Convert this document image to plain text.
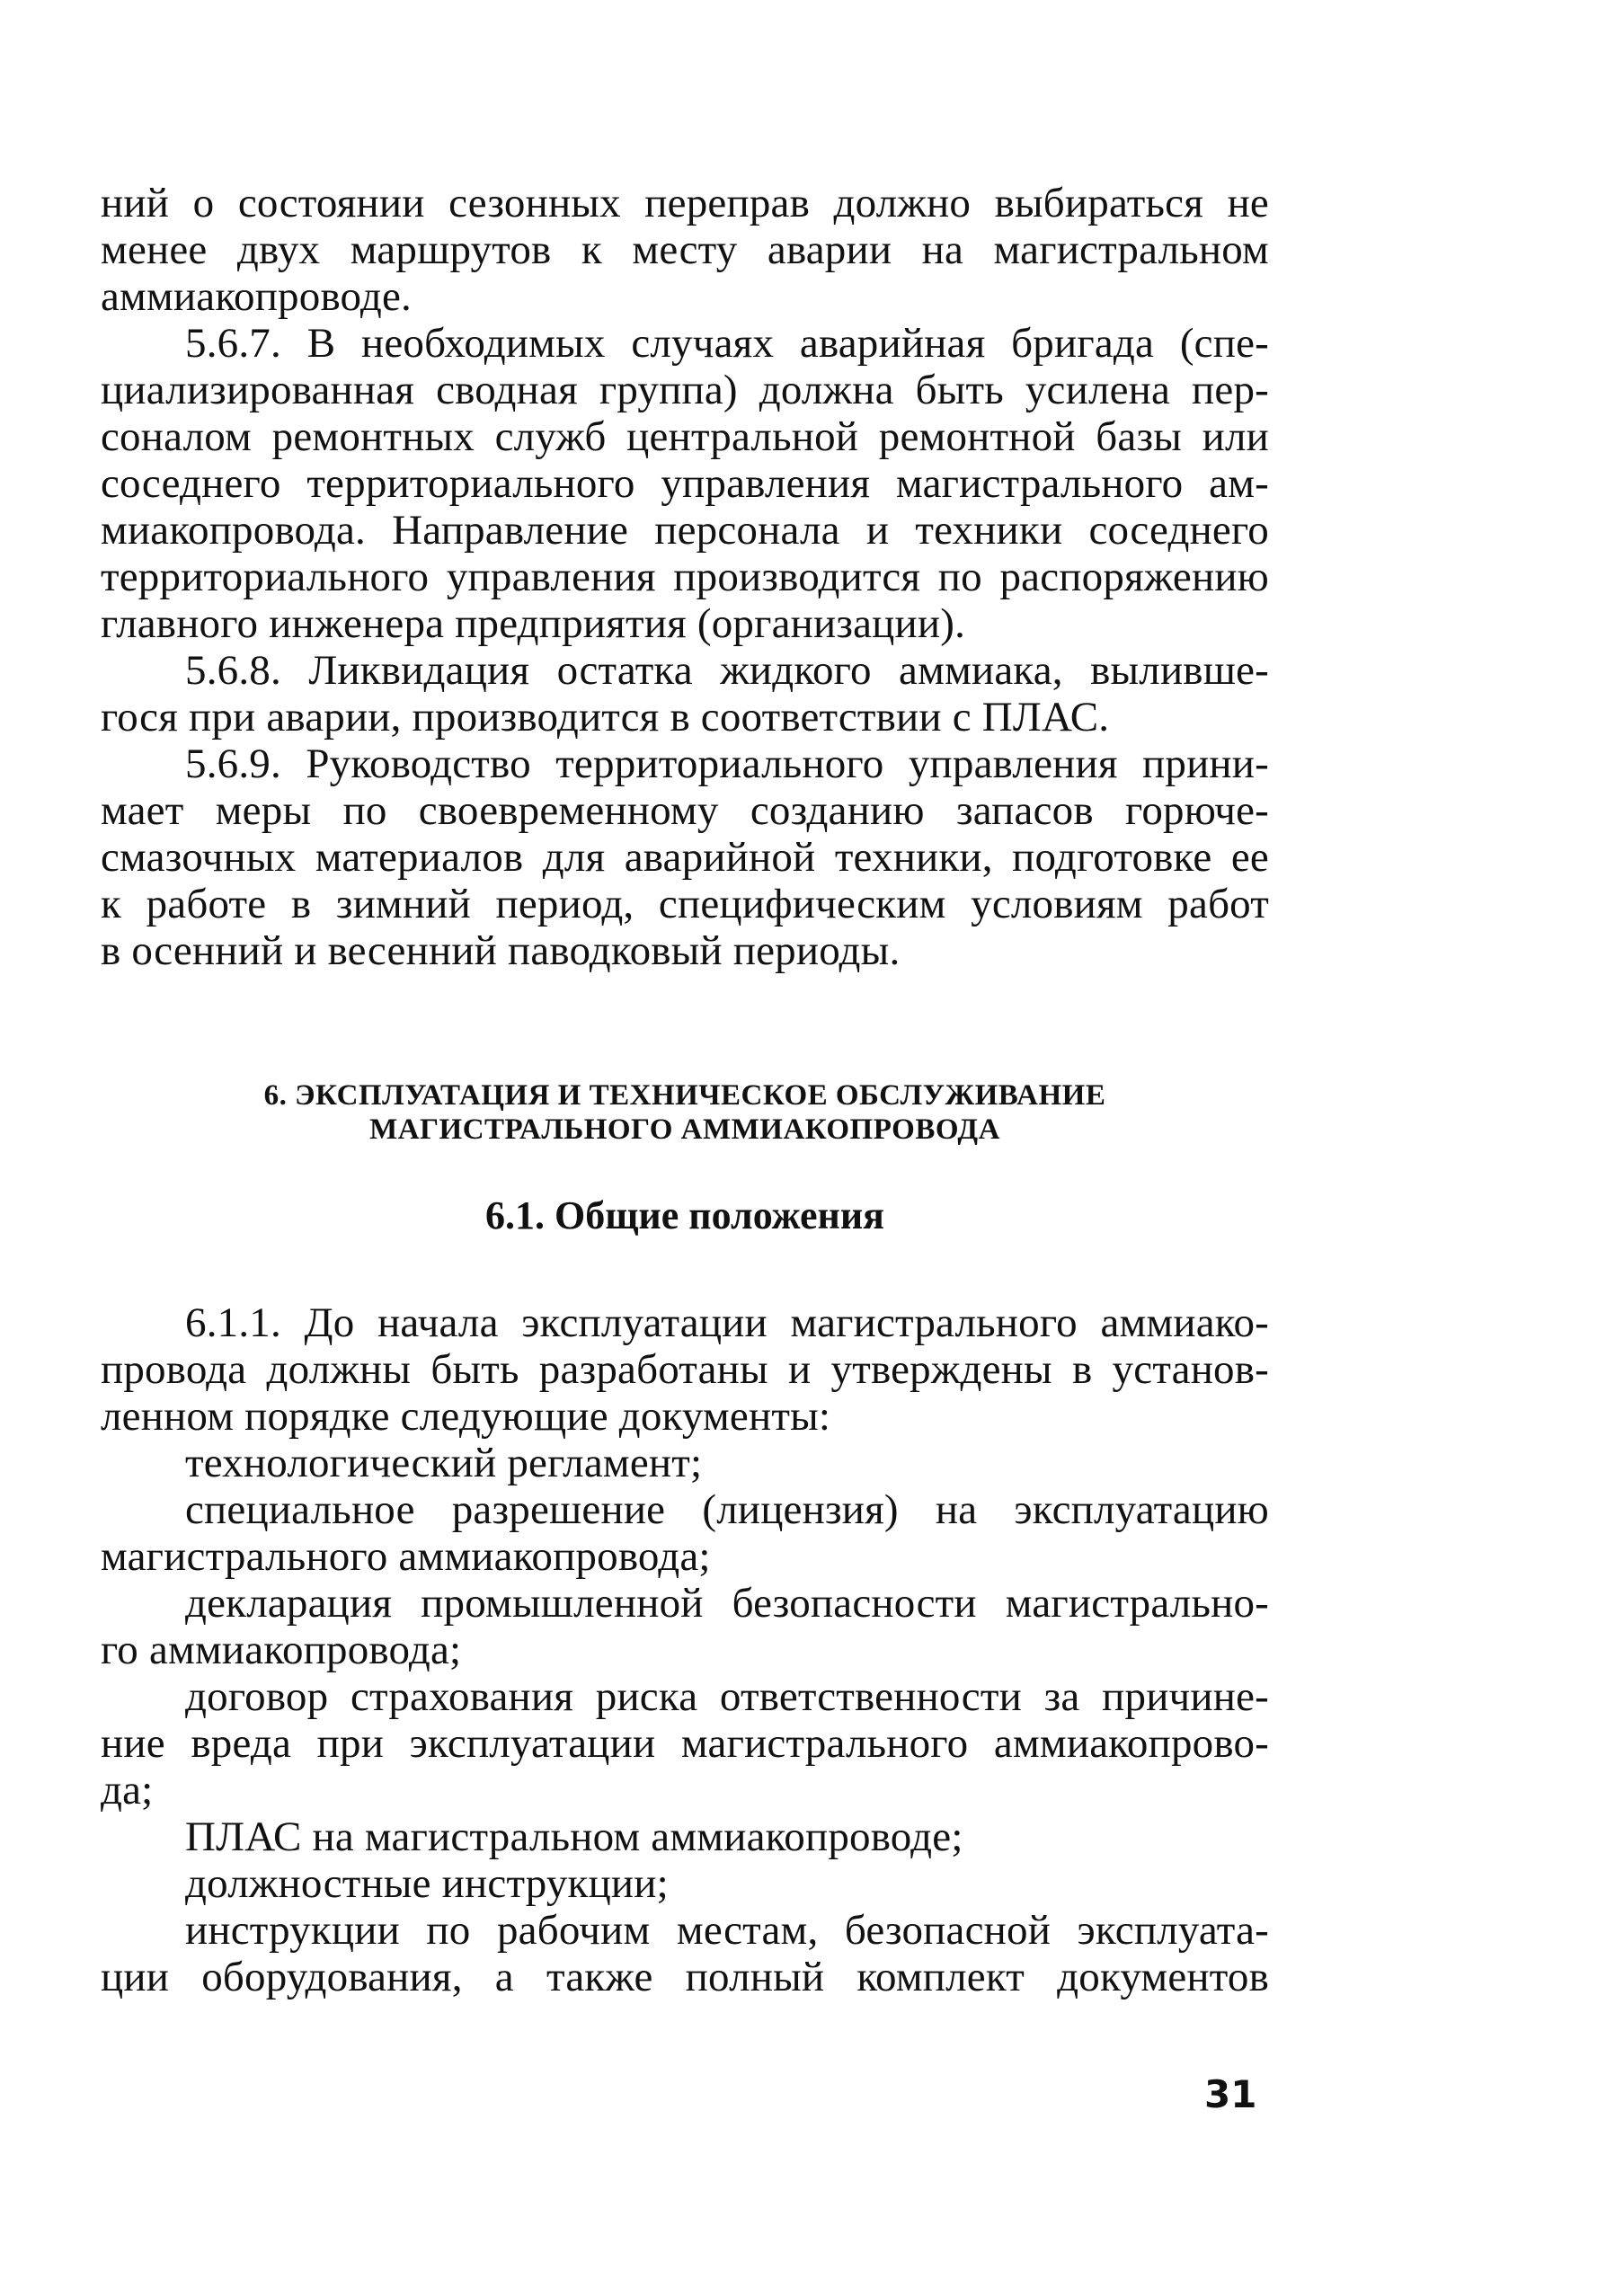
ний о состоянии сезонных переправ должно выбираться не
менее двух маршрутов к месту аварии на магистральном
аммиакопроводе.
5.6.7. В необходимых случаях аварийная бригада (спе-
циализированная сводная группа) должна быть усилена пер-
соналом ремонтных служб центральной ремонтной базы или
соседнего территориального управления магистрального ам-
миакопровода. Направление персонала и техники соседнего
территориального управления производится по распоряжению
главного инженера предприятия (организации).
5.6.8. Ликвидация остатка жидкого аммиака, вылившe-
гося при аварии, производится в соответствии с ПЛАС.
5.6.9. Руководство территориального управления прини-
мает меры по своевременному созданию запасов горюче-
смазочных материалов для аварийной техники, подготовке ее
к работе в зимний период, специфическим условиям работ
в осенний и весенний паводковый периоды.
6. ЭКСПЛУАТАЦИЯ И ТЕХНИЧЕСКОЕ ОБСЛУЖИВАНИЕ
МАГИСТРАЛЬНОГО АММИАКОПРОВОДА
6.1. Общие положения
6.1.1. До начала эксплуатации магистрального аммиако-
провода должны быть разработаны и утверждены в установ-
ленном порядке следующие документы:
технологический регламент;
специальное разрешение (лицензия) на эксплуатацию
магистрального аммиакопровода;
декларация промышленной безопасности магистрально-
го аммиакопровода;
договор страхования риска ответственности за причине-
ние вреда при эксплуатации магистрального аммиакопрово-
да;
ПЛАС на магистральном аммиакопроводе;
должностные инструкции;
инструкции по рабочим местам, безопасной эксплуата-
ции оборудования, а также полный комплект документов
31
